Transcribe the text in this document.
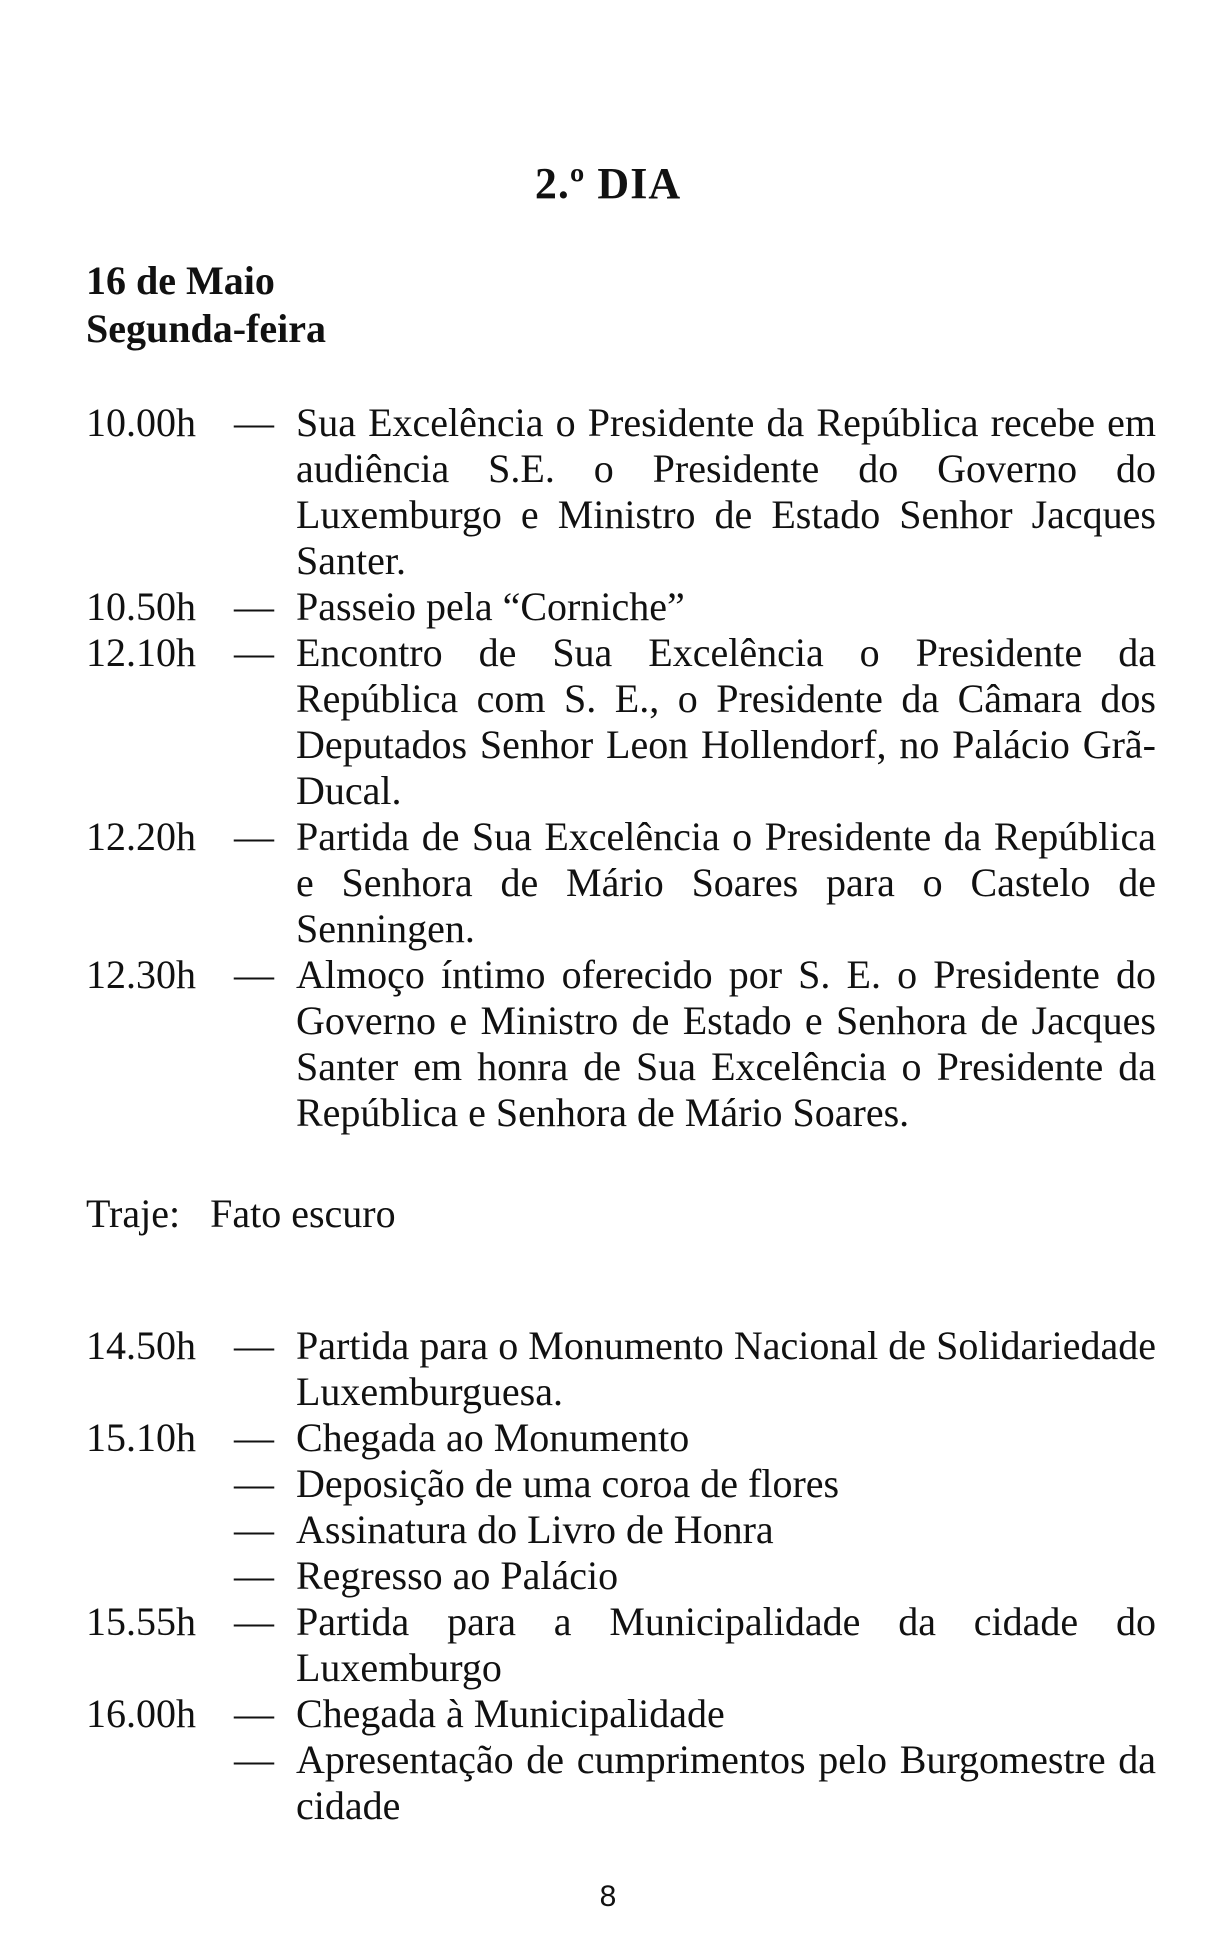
2.º DIA
16 de Maio
Segunda-feira
10.00h — Sua Excelência o Presidente da República recebe em audiência S.E. o Presidente do Governo do Luxemburgo e Ministro de Estado Senhor Jacques Santer.
10.50h — Passeio pela “Corniche”
12.10h — Encontro de Sua Excelência o Presidente da República com S. E., o Presidente da Câmara dos Deputados Senhor Leon Hollendorf, no Palácio Grã-Ducal.
12.20h — Partida de Sua Excelência o Presidente da República e Senhora de Mário Soares para o Castelo de Senningen.
12.30h — Almoço íntimo oferecido por S. E. o Presidente do Governo e Ministro de Estado e Senhora de Jacques Santer em honra de Sua Excelência o Presidente da República e Senhora de Mário Soares.
Traje: Fato escuro
14.50h — Partida para o Monumento Nacional de Solidariedade Luxemburguesa.
15.10h — Chegada ao Monumento
— Deposição de uma coroa de flores
— Assinatura do Livro de Honra
— Regresso ao Palácio
15.55h — Partida para a Municipalidade da cidade do Luxemburgo
16.00h — Chegada à Municipalidade
— Apresentação de cumprimentos pelo Burgomestre da cidade
8
